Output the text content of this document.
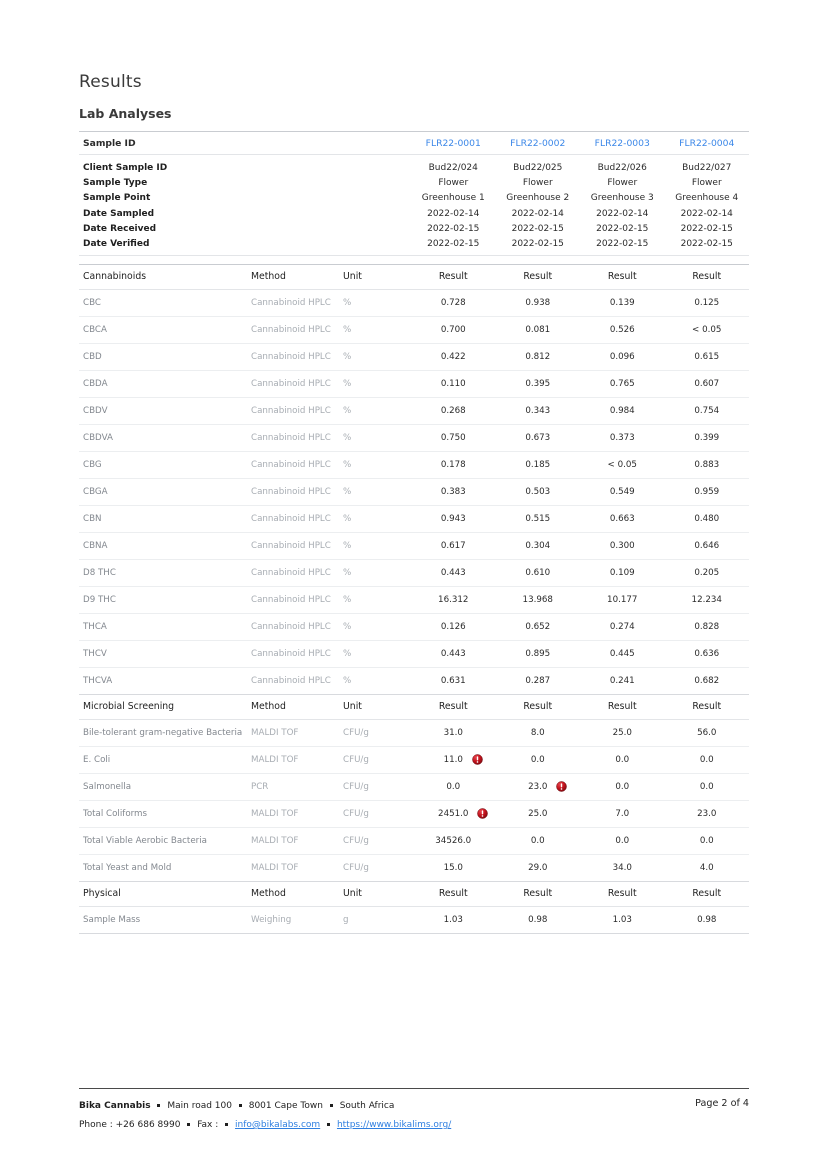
Results
Lab Analyses
Sample ID	FLR22-0001	FLR22-0002	FLR22-0003	FLR22-0004

Client Sample ID	Bud22/024	Bud22/025	Bud22/026	Bud22/027
Sample Type	Flower	Flower	Flower	Flower
Sample Point	Greenhouse 1	Greenhouse 2	Greenhouse 3	Greenhouse 4
Date Sampled	2022-02-14	2022-02-14	2022-02-14	2022-02-14
Date Received	2022-02-15	2022-02-15	2022-02-15	2022-02-15
Date Verified	2022-02-15	2022-02-15	2022-02-15	2022-02-15
Cannabinoids	Method	Unit	Result	Result	Result	Result
CBC	Cannabinoid HPLC	%	0.728	0.938	0.139	0.125
CBCA	Cannabinoid HPLC	%	0.700	0.081	0.526	< 0.05
CBD	Cannabinoid HPLC	%	0.422	0.812	0.096	0.615
CBDA	Cannabinoid HPLC	%	0.110	0.395	0.765	0.607
CBDV	Cannabinoid HPLC	%	0.268	0.343	0.984	0.754
CBDVA	Cannabinoid HPLC	%	0.750	0.673	0.373	0.399
CBG	Cannabinoid HPLC	%	0.178	0.185	< 0.05	0.883
CBGA	Cannabinoid HPLC	%	0.383	0.503	0.549	0.959
CBN	Cannabinoid HPLC	%	0.943	0.515	0.663	0.480
CBNA	Cannabinoid HPLC	%	0.617	0.304	0.300	0.646
D8 THC	Cannabinoid HPLC	%	0.443	0.610	0.109	0.205
D9 THC	Cannabinoid HPLC	%	16.312	13.968	10.177	12.234
THCA	Cannabinoid HPLC	%	0.126	0.652	0.274	0.828
THCV	Cannabinoid HPLC	%	0.443	0.895	0.445	0.636
THCVA	Cannabinoid HPLC	%	0.631	0.287	0.241	0.682
Microbial Screening	Method	Unit	Result	Result	Result	Result
Bile-tolerant gram-negative Bacteria	MALDI TOF	CFU/g	31.0	8.0	25.0	56.0
E. Coli	MALDI TOF	CFU/g	11.0	0.0	0.0	0.0
Salmonella	PCR	CFU/g	0.0	23.0	0.0	0.0
Total Coliforms	MALDI TOF	CFU/g	2451.0	25.0	7.0	23.0
Total Viable Aerobic Bacteria	MALDI TOF	CFU/g	34526.0	0.0	0.0	0.0
Total Yeast and Mold	MALDI TOF	CFU/g	15.0	29.0	34.0	4.0
Physical	Method	Unit	Result	Result	Result	Result
Sample Mass	Weighing	g	1.03	0.98	1.03	0.98
Bika Cannabis Main road 100 8001 Cape Town South Africa
Phone : +26 686 8990 Fax : info@bikalabs.com https://www.bikalims.org/
Page 2 of 4
